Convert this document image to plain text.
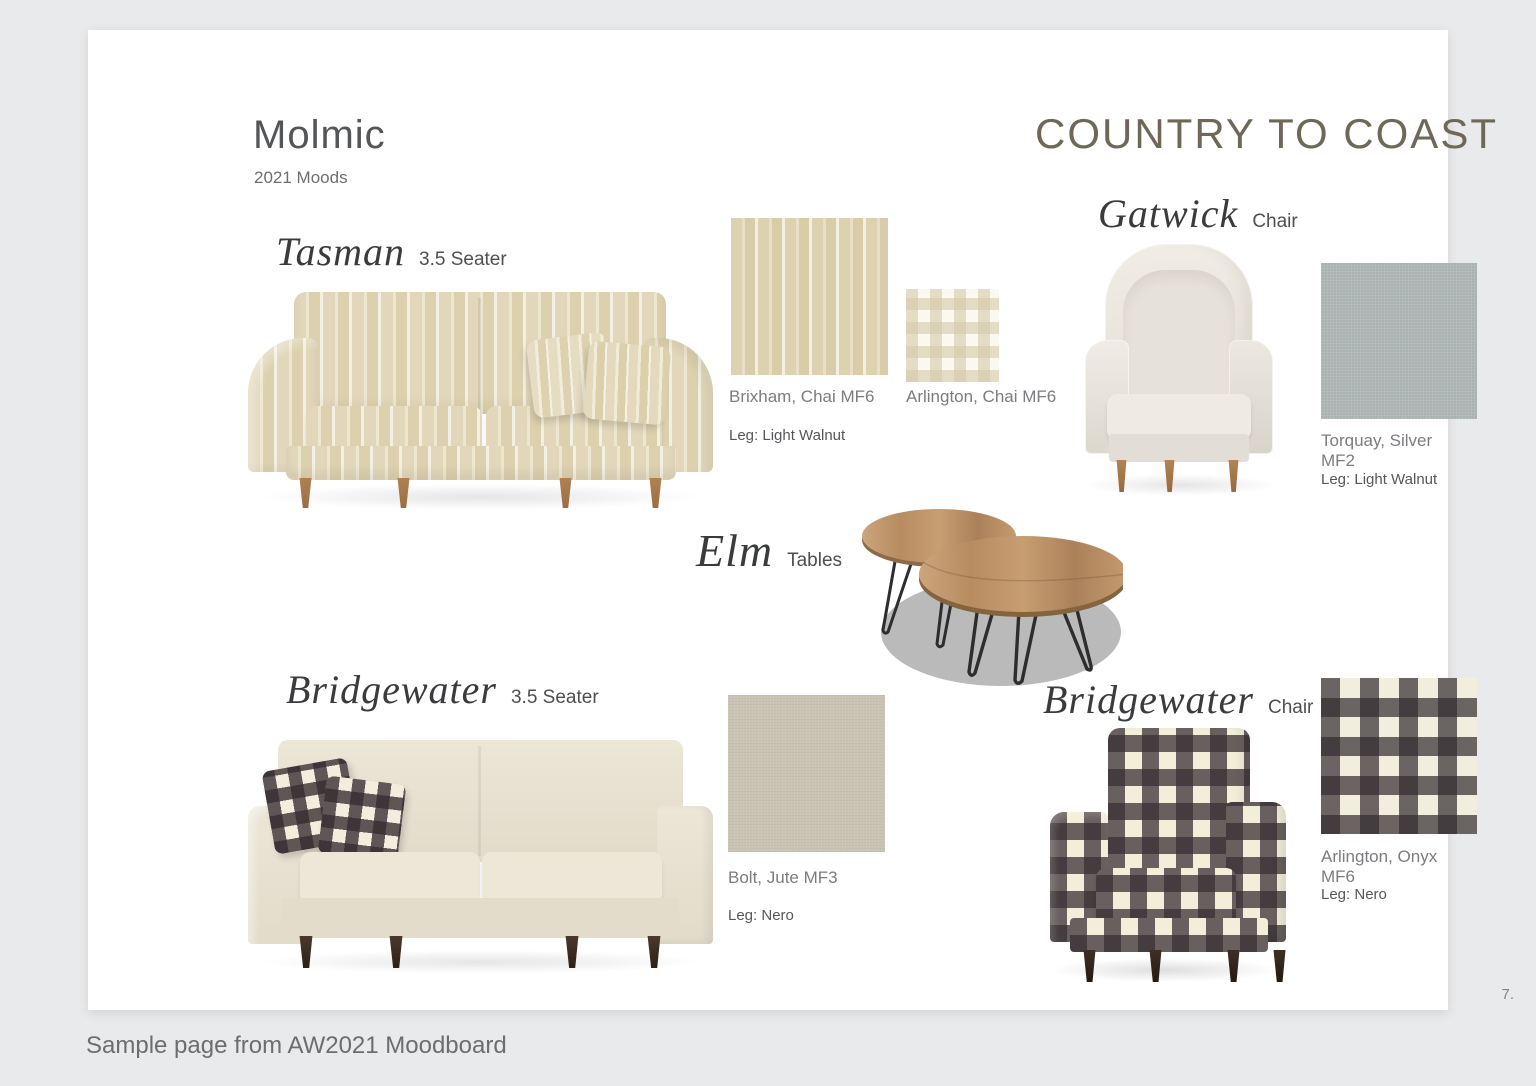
Molmic
2021 Moods
COUNTRY TO COAST
Tasman 3.5 Seater
Brixham, Chai MF6
Leg: Light Walnut
Arlington, Chai MF6
Gatwick Chair
Torquay, Silver MF2
Leg: Light Walnut
Elm Tables
Bridgewater 3.5 Seater
Bolt, Jute MF3
Leg: Nero
Bridgewater Chair
Arlington, Onyx MF6
Leg: Nero
7.
Sample page from AW2021 Moodboard
